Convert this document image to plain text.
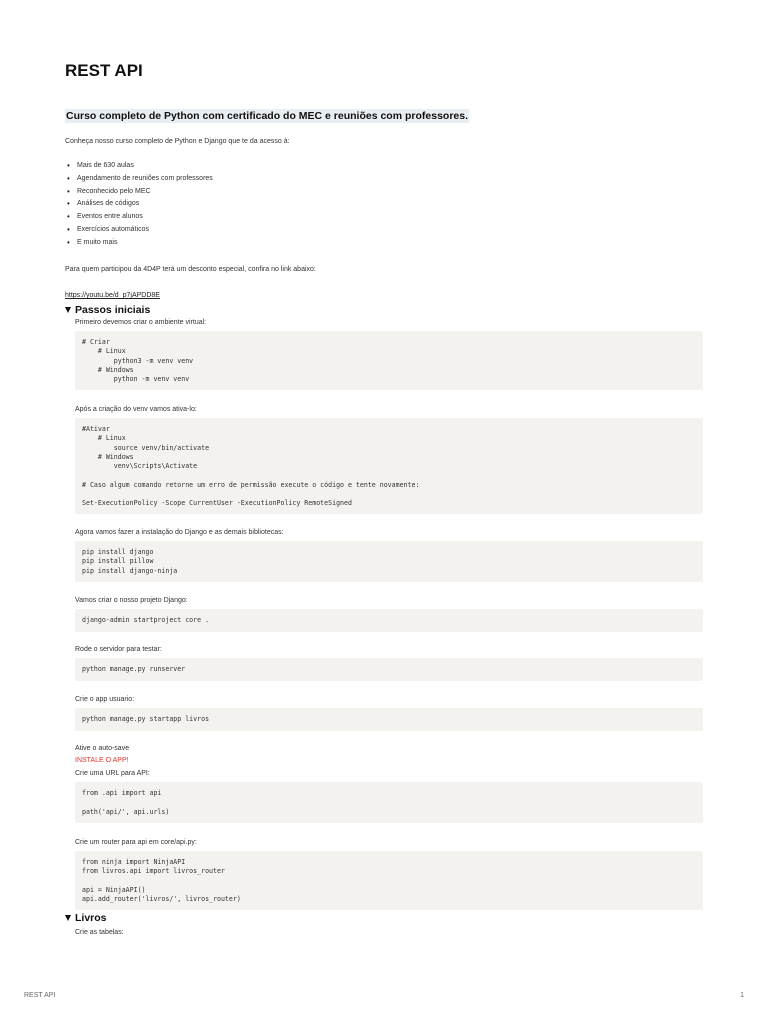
REST API
Curso completo de Python com certificado do MEC e reuniões com professores.
Conheça nosso curso completo de Python e Django que te da acesso à:
• Mais de 630 aulas
• Agendamento de reuniões com professores
• Reconhecido pelo MEC
• Análises de códigos
• Eventos entre alunos
• Exercícios automáticos
• E muito mais
Para quem participou da 4D4P terá um desconto especial, confira no link abaixo:
https://youtu.be/d_p7jAPDD8E
Passos iniciais
Primeiro devemos criar o ambiente virtual:
# Criar
# Linux
python3 -m venv venv
# Windows
python -m venv venv
Após a criação do venv vamos ativa-lo:
#Ativar
# Linux
source venv/bin/activate
# Windows
venv\Scripts\Activate

# Caso algum comando retorne um erro de permissão execute o código e tente novamente:

Set-ExecutionPolicy -Scope CurrentUser -ExecutionPolicy RemoteSigned
Agora vamos fazer a instalação do Django e as demais bibliotecas:
pip install django
pip install pillow
pip install django-ninja
Vamos criar o nosso projeto Django:
django-admin startproject core .
Rode o servidor para testar:
python manage.py runserver
Crie o app usuario:
python manage.py startapp livros
Ative o auto-save
INSTALE O APP!
Crie uma URL para API:
from .api import api

path('api/', api.urls)
Crie um router para api em core/api.py:
from ninja import NinjaAPI
from livros.api import livros_router

api = NinjaAPI()
api.add_router('livros/', livros_router)
Livros
Crie as tabelas:
REST API	1
